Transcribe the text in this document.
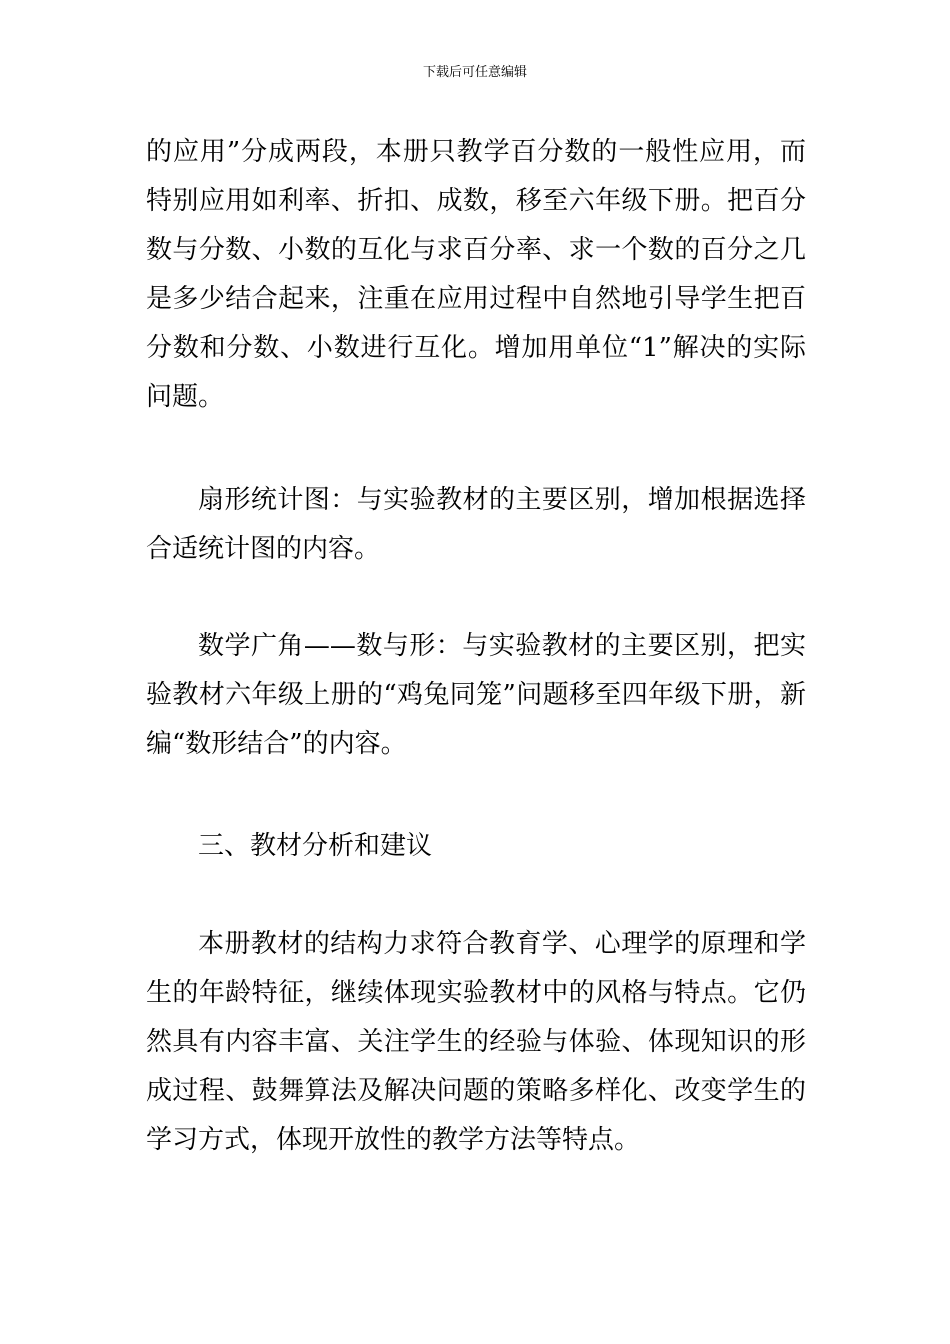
下载后可任意编辑

的应用”分成两段，本册只教学百分数的一般性应用，而特别应用如利率、折扣、成数，移至六年级下册。把百分数与分数、小数的互化与求百分率、求一个数的百分之几是多少结合起来，注重在应用过程中自然地引导学生把百分数和分数、小数进行互化。增加用单位“1”解决的实际问题。

扇形统计图：与实验教材的主要区别，增加根据选择合适统计图的内容。

数学广角——数与形：与实验教材的主要区别，把实验教材六年级上册的“鸡兔同笼”问题移至四年级下册，新编“数形结合”的内容。

三、教材分析和建议

本册教材的结构力求符合教育学、心理学的原理和学生的年龄特征，继续体现实验教材中的风格与特点。它仍然具有内容丰富、关注学生的经验与体验、体现知识的形成过程、鼓舞算法及解决问题的策略多样化、改变学生的学习方式，体现开放性的教学方法等特点。
